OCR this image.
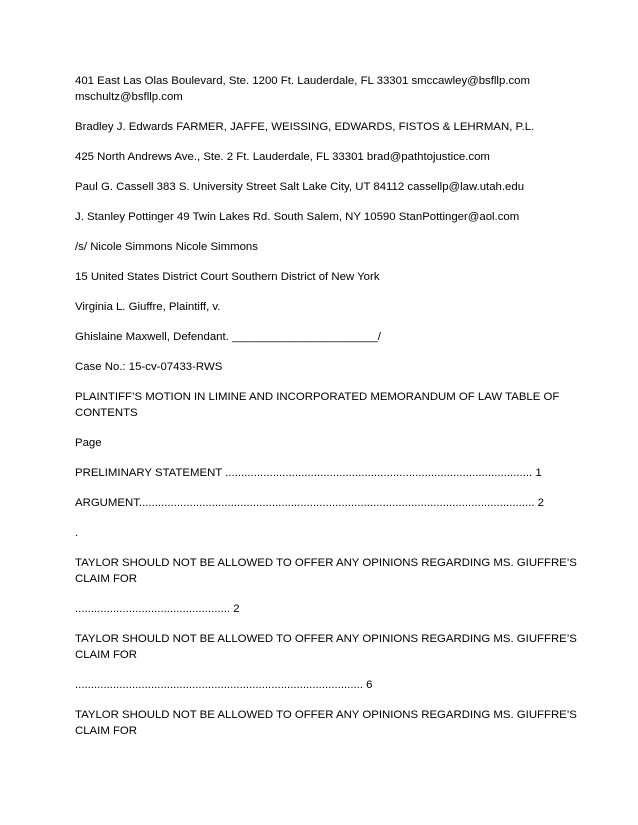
401 East Las Olas Boulevard, Ste. 1200 Ft. Lauderdale, FL 33301 smccawley@bsfllp.com
mschultz@bsfllp.com

Bradley J. Edwards FARMER, JAFFE, WEISSING, EDWARDS, FISTOS & LEHRMAN, P.L.

425 North Andrews Ave., Ste. 2 Ft. Lauderdale, FL 33301 brad@pathtojustice.com

Paul G. Cassell 383 S. University Street Salt Lake City, UT 84112 cassellp@law.utah.edu

J. Stanley Pottinger 49 Twin Lakes Rd. South Salem, NY 10590 StanPottinger@aol.com

/s/ Nicole Simmons Nicole Simmons

15 United States District Court Southern District of New York

Virginia L. Giuffre, Plaintiff, v.

Ghislaine Maxwell, Defendant. _______________________/

Case No.: 15-cv-07433-RWS

PLAINTIFF’S MOTION IN LIMINE AND INCORPORATED MEMORANDUM OF LAW TABLE OF
CONTENTS

Page

PRELIMINARY STATEMENT ................................................................................................. 1

ARGUMENT............................................................................................................................. 2

.

TAYLOR SHOULD NOT BE ALLOWED TO OFFER ANY OPINIONS REGARDING MS. GIUFFRE’S
CLAIM FOR

................................................. 2

TAYLOR SHOULD NOT BE ALLOWED TO OFFER ANY OPINIONS REGARDING MS. GIUFFRE’S
CLAIM FOR

........................................................................................... 6

TAYLOR SHOULD NOT BE ALLOWED TO OFFER ANY OPINIONS REGARDING MS. GIUFFRE’S
CLAIM FOR
